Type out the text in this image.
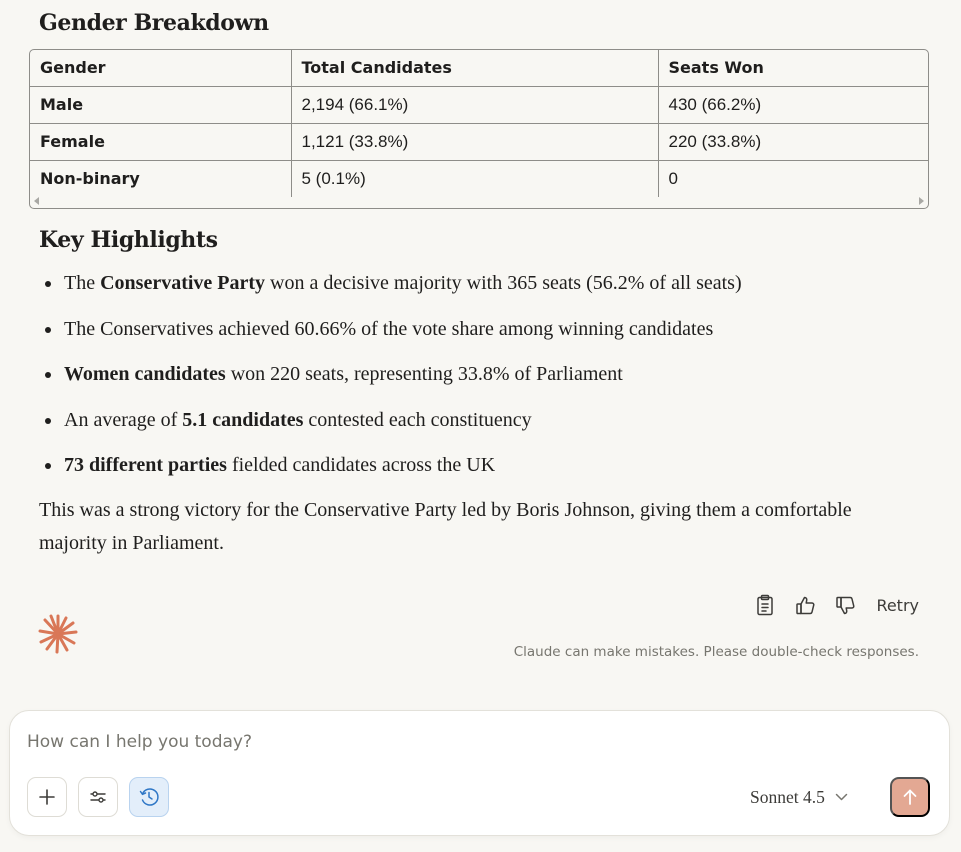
Gender Breakdown
Gender	Total Candidates	Seats Won
Male	2,194 (66.1%)	430 (66.2%)
Female	1,121 (33.8%)	220 (33.8%)
Non-binary	5 (0.1%)	0
Key Highlights
The Conservative Party won a decisive majority with 365 seats (56.2% of all seats)
The Conservatives achieved 60.66% of the vote share among winning candidates
Women candidates won 220 seats, representing 33.8% of Parliament
An average of 5.1 candidates contested each constituency
73 different parties fielded candidates across the UK

This was a strong victory for the Conservative Party led by Boris Johnson, giving them a comfortable majority in Parliament.

Retry
Claude can make mistakes. Please double-check responses.
How can I help you today?
Sonnet 4.5
